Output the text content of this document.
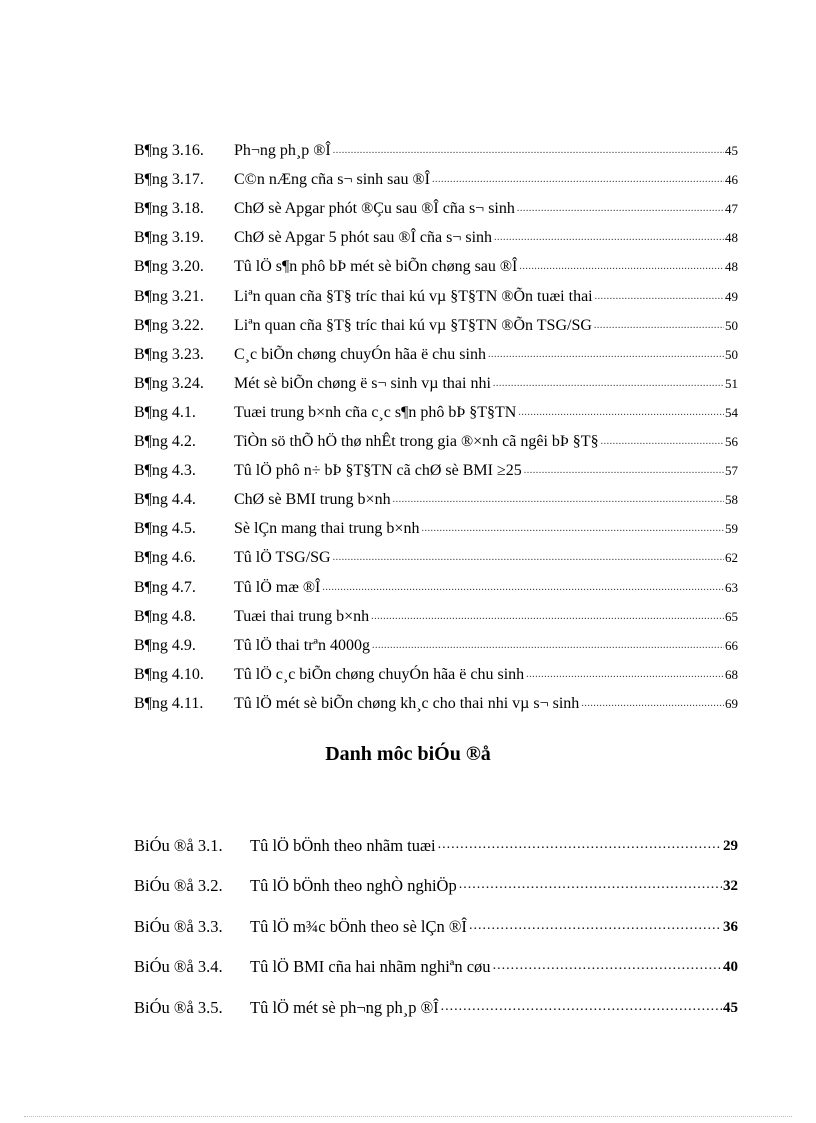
B¶ng 3.16.	Ph¬ng ph¸p ®Î .....	45
B¶ng 3.17.	C©n nÆng cña s¬ sinh sau ®Î .....	46
B¶ng 3.18.	ChØ sè Apgar phót ®Çu sau ®Î cña s¬ sinh .....	47
B¶ng 3.19.	ChØ sè Apgar 5 phót sau ®Î cña s¬ sinh .....	48
B¶ng 3.20.	Tû lÖ s¶n phô bÞ mét sè biÕn chøng sau ®Î .....	48
B¶ng 3.21.	Liªn quan cña §T§ tríc thai kú vµ §T§TN ®Õn tuæi thai .....	49
B¶ng 3.22.	Liªn quan cña §T§ tríc thai kú vµ §T§TN ®Õn TSG/SG .....	50
B¶ng 3.23.	C¸c biÕn chøng chuyÓn hãa ë chu sinh .....	50
B¶ng 3.24.	Mét sè biÕn chøng ë s¬ sinh vµ thai nhi .....	51
B¶ng 4.1.	Tuæi trung b×nh cña c¸c s¶n phô bÞ §T§TN .....	54
B¶ng 4.2.	TiÒn sö thÕ hÖ thø nhÊt trong gia ®×nh cã ngêi bÞ §T§ .....	56
B¶ng 4.3.	Tû lÖ phô n÷ bÞ §T§TN cã chØ sè BMI ≥25 .....	57
B¶ng 4.4.	ChØ sè BMI trung b×nh .....	58
B¶ng 4.5.	Sè lÇn mang thai trung b×nh .....	59
B¶ng 4.6.	Tû lÖ TSG/SG .....	62
B¶ng 4.7.	Tû lÖ mæ ®Î .....	63
B¶ng 4.8.	Tuæi thai trung b×nh .....	65
B¶ng 4.9.	Tû lÖ thai trªn 4000g .....	66
B¶ng 4.10.	Tû lÖ c¸c biÕn chøng chuyÓn hãa ë chu sinh .....	68
B¶ng 4.11.	Tû lÖ mét sè biÕn chøng kh¸c cho thai nhi vµ s¬ sinh .....	69
Danh môc biÓu ®å
BiÓu ®å 3.1.	Tû lÖ bÖnh theo nhãm tuæi .....	29
BiÓu ®å 3.2.	Tû lÖ bÖnh theo nghÒ nghiÖp .....	32
BiÓu ®å 3.3.	Tû lÖ m¾c bÖnh theo sè lÇn ®Î .....	36
BiÓu ®å 3.4.	Tû lÖ BMI cña hai nhãm nghiªn cøu .....	40
BiÓu ®å 3.5.	Tû lÖ mét sè ph¬ng ph¸p ®Î .....	45
